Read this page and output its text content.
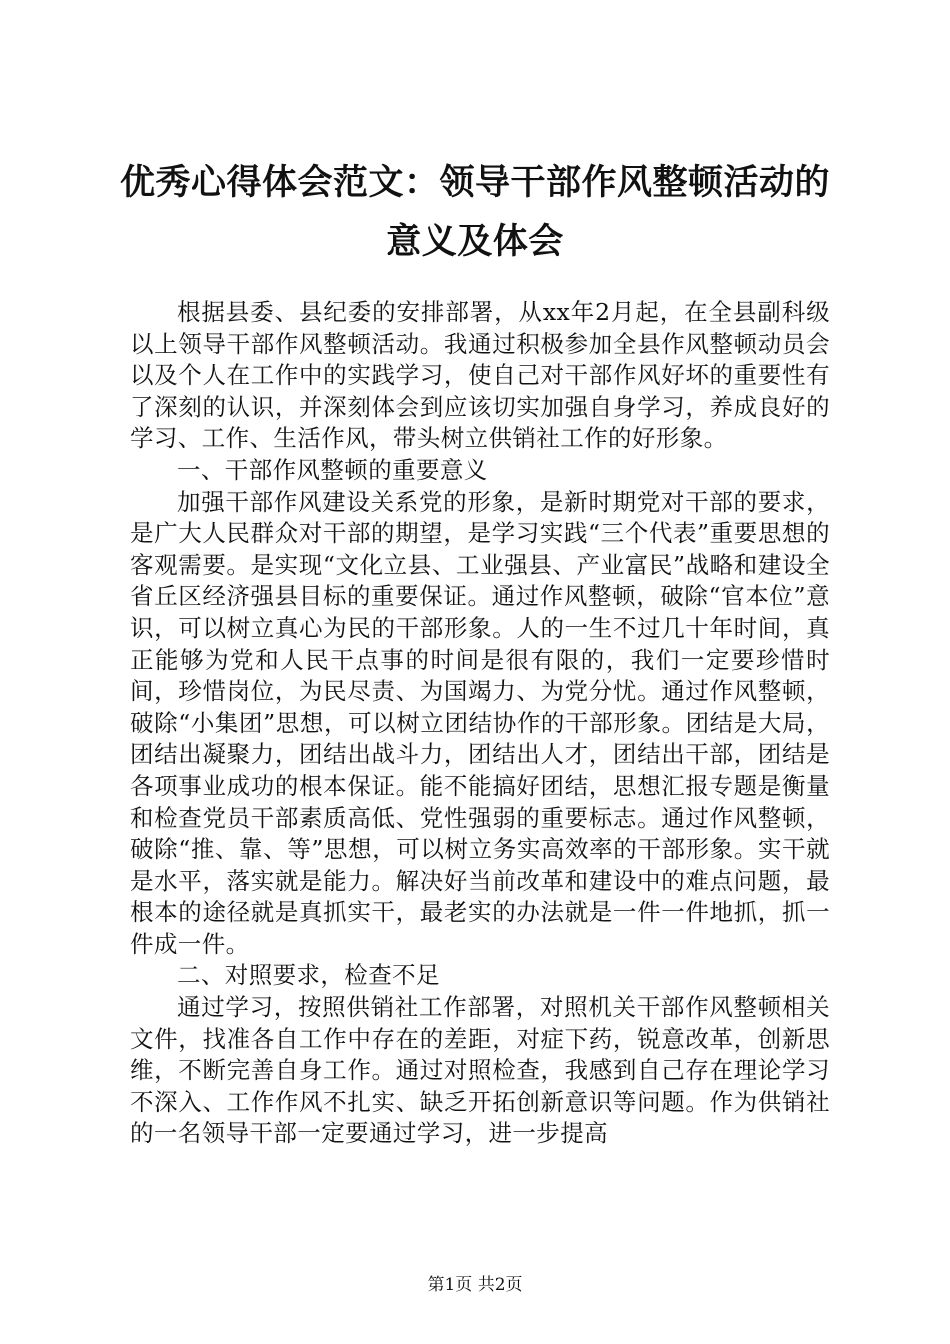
优秀心得体会范文：领导干部作风整顿活动的
意义及体会

根据县委、县纪委的安排部署，从xx年2月起，在全县副科级以上领导干部作风整顿活动。我通过积极参加全县作风整顿动员会以及个人在工作中的实践学习，使自己对干部作风好坏的重要性有了深刻的认识，并深刻体会到应该切实加强自身学习，养成良好的学习、工作、生活作风，带头树立供销社工作的好形象。

一、干部作风整顿的重要意义

加强干部作风建设关系党的形象，是新时期党对干部的要求，是广大人民群众对干部的期望，是学习实践“三个代表”重要思想的客观需要。是实现“文化立县、工业强县、产业富民”战略和建设全省丘区经济强县目标的重要保证。通过作风整顿，破除“官本位”意识，可以树立真心为民的干部形象。人的一生不过几十年时间，真正能够为党和人民干点事的时间是很有限的，我们一定要珍惜时间，珍惜岗位，为民尽责、为国竭力、为党分忧。通过作风整顿，破除“小集团”思想，可以树立团结协作的干部形象。团结是大局，团结出凝聚力，团结出战斗力，团结出人才，团结出干部，团结是各项事业成功的根本保证。能不能搞好团结，思想汇报专题是衡量和检查党员干部素质高低、党性强弱的重要标志。通过作风整顿，破除“推、靠、等”思想，可以树立务实高效率的干部形象。实干就是水平，落实就是能力。解决好当前改革和建设中的难点问题，最根本的途径就是真抓实干，最老实的办法就是一件一件地抓，抓一件成一件。

二、对照要求，检查不足

通过学习，按照供销社工作部署，对照机关干部作风整顿相关文件，找准各自工作中存在的差距，对症下药，锐意改革，创新思维，不断完善自身工作。通过对照检查，我感到自己存在理论学习不深入、工作作风不扎实、缺乏开拓创新意识等问题。作为供销社的一名领导干部一定要通过学习，进一步提高

第1页 共2页
